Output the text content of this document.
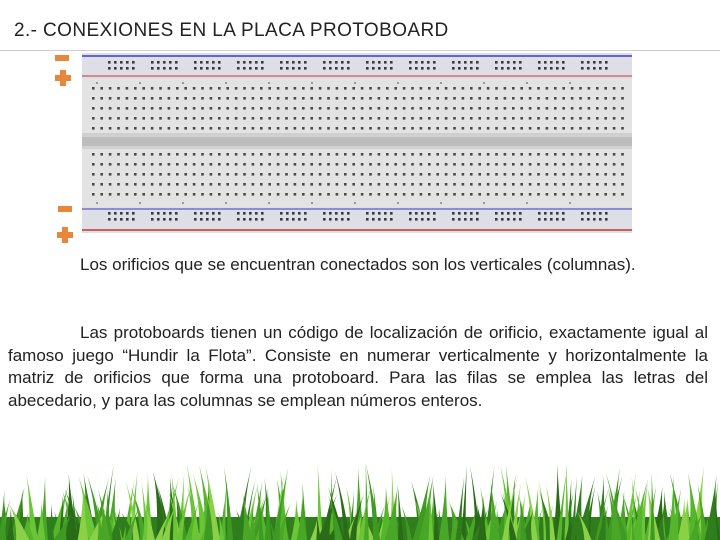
2.- CONEXIONES EN LA PLACA PROTOBOARD
Los orificios que se encuentran conectados son los verticales (columnas).
Las protoboards tienen un código de localización de orificio, exactamente igual al famoso juego “Hundir la Flota”. Consiste en numerar verticalmente y horizontalmente la matriz de orificios que forma una protoboard. Para las filas se emplea las letras del abecedario, y para las columnas se emplean números enteros.
